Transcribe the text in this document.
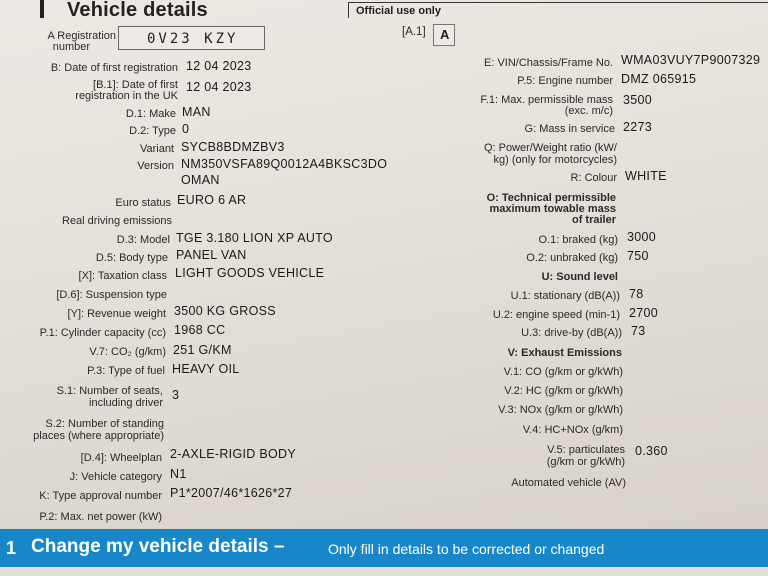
Vehicle details	Official use only
A Registration
number	0V23 KZY	[A.1] A
B: Date of first registration 12 04 2023
[B.1]: Date of first
registration in the UK
12 04 2023
D.1: Make MAN
D.2: Type 0
Variant SYCB8BDMZBV3
Version NM350VSFA89Q0012A4BKSC3DO
OMAN
Euro status EURO 6 AR
Real driving emissions
D.3: Model TGE 3.180 LION XP AUTO
D.5: Body type PANEL VAN
[X]: Taxation class LIGHT GOODS VEHICLE
[D.6]: Suspension type
[Y]: Revenue weight 3500 KG GROSS
P.1: Cylinder capacity (cc) 1968 CC
V.7: CO₂ (g/km) 251 G/KM
P.3: Type of fuel HEAVY OIL
S.1: Number of seats,
including driver
3
S.2: Number of standing
places (where appropriate)
[D.4]: Wheelplan 2-AXLE-RIGID BODY
J: Vehicle category N1
K: Type approval number P1*2007/46*1626*27
P.2: Max. net power (kW)
E: VIN/Chassis/Frame No. WMA03VUY7P9007329
P.5: Engine number DMZ 065915
F.1: Max. permissible mass
(exc. m/c)
3500
G: Mass in service 2273
Q: Power/Weight ratio (kW/
kg) (only for motorcycles)
R: Colour WHITE
O: Technical permissible
maximum towable mass
of trailer
O.1: braked (kg) 3000
O.2: unbraked (kg) 750
U: Sound level
U.1: stationary (dB(A)) 78
U.2: engine speed (min-1) 2700
U.3: drive-by (dB(A)) 73
V: Exhaust Emissions
V.1: CO (g/km or g/kWh)
V.2: HC (g/km or g/kWh)
V.3: NOx (g/km or g/kWh)
V.4: HC+NOx (g/km)
V.5: particulates
(g/km or g/kWh)
0.360
Automated vehicle (AV)
1 Change my vehicle details –	Only fill in details to be corrected or changed
